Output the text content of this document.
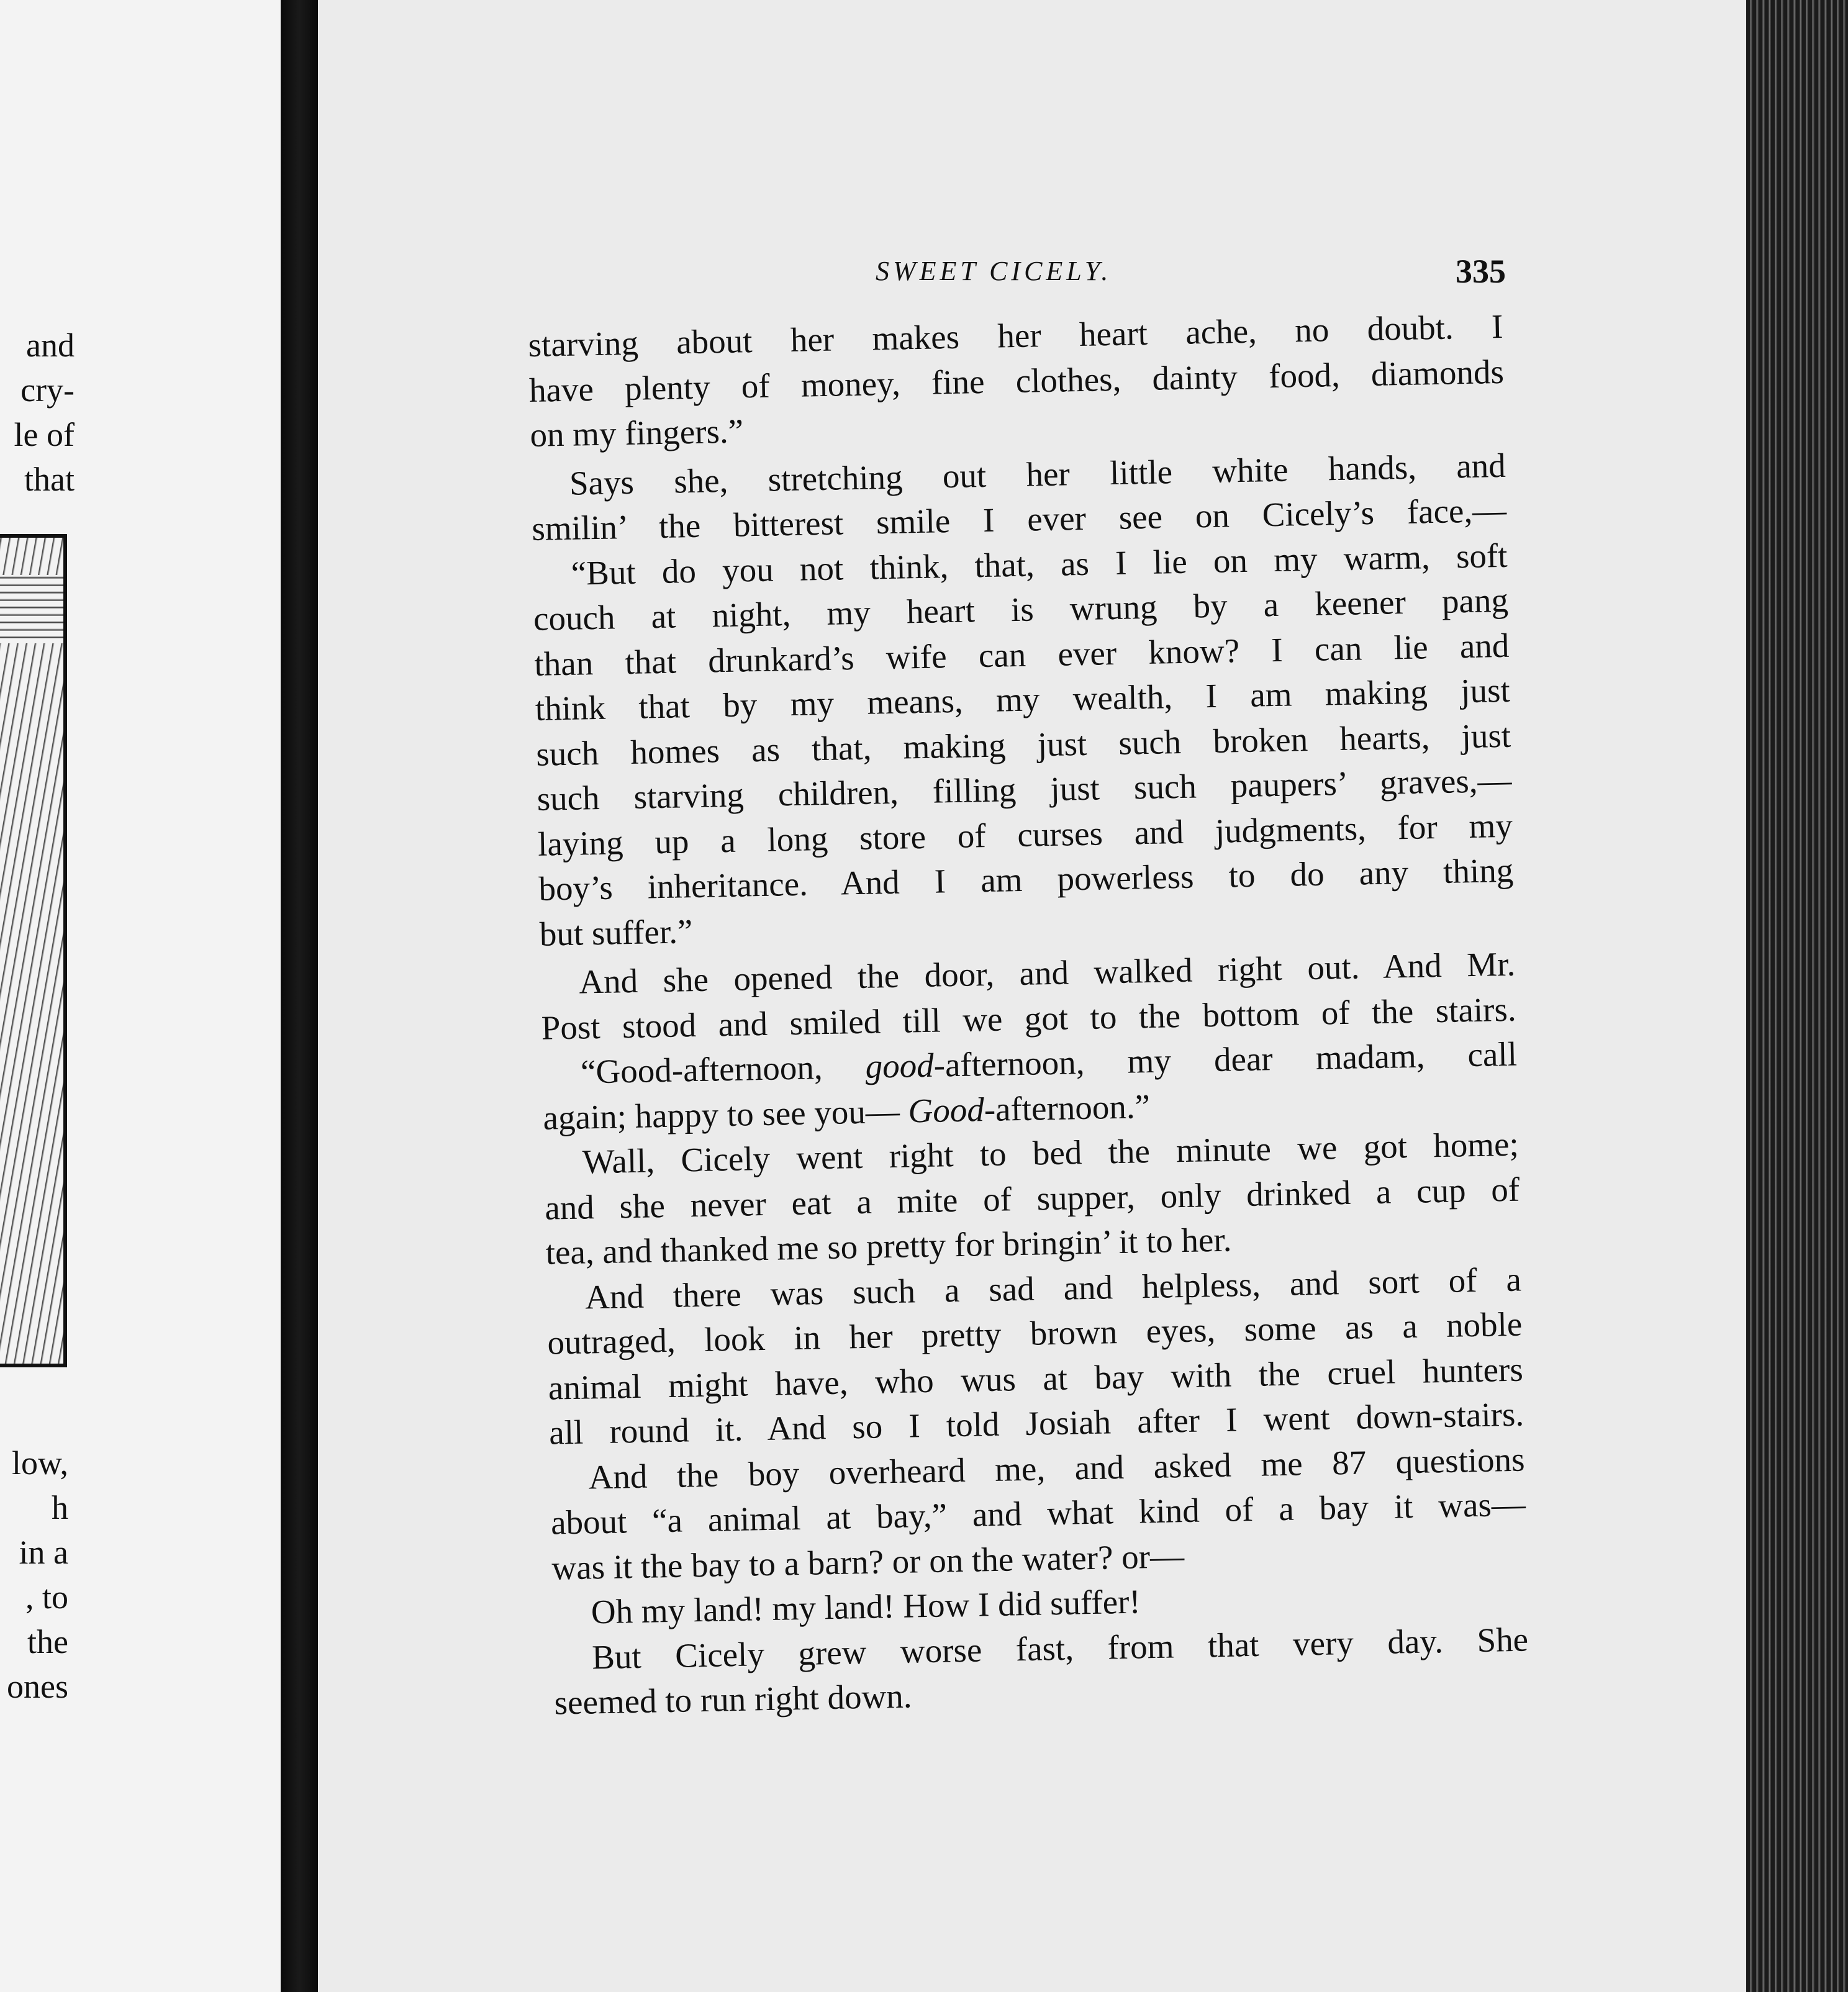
and
cry-
le of
that
low,
h
in a
, to
the
ones
SWEET CICELY.	335
starving about her makes her heart ache, no doubt. I
have plenty of money, fine clothes, dainty food, diamonds
on my fingers.”
Says she, stretching out her little white hands, and
smilin’ the bitterest smile I ever see on Cicely’s face,—
“But do you not think, that, as I lie on my warm, soft
couch at night, my heart is wrung by a keener pang
than that drunkard’s wife can ever know? I can lie and
think that by my means, my wealth, I am making just
such homes as that, making just such broken hearts, just
such starving children, filling just such paupers’ graves,—
laying up a long store of curses and judgments, for my
boy’s inheritance. And I am powerless to do any thing
but suffer.”
And she opened the door, and walked right out. And Mr.
Post stood and smiled till we got to the bottom of the stairs.
“Good-afternoon, good-afternoon, my dear madam, call
again; happy to see you— Good-afternoon.”
Wall, Cicely went right to bed the minute we got home;
and she never eat a mite of supper, only drinked a cup of
tea, and thanked me so pretty for bringin’ it to her.
And there was such a sad and helpless, and sort of a
outraged, look in her pretty brown eyes, some as a noble
animal might have, who wus at bay with the cruel hunters
all round it. And so I told Josiah after I went down-stairs.
And the boy overheard me, and asked me 87 questions
about “a animal at bay,” and what kind of a bay it was—
was it the bay to a barn? or on the water? or—
Oh my land! my land! How I did suffer!
But Cicely grew worse fast, from that very day. She
seemed to run right down.
